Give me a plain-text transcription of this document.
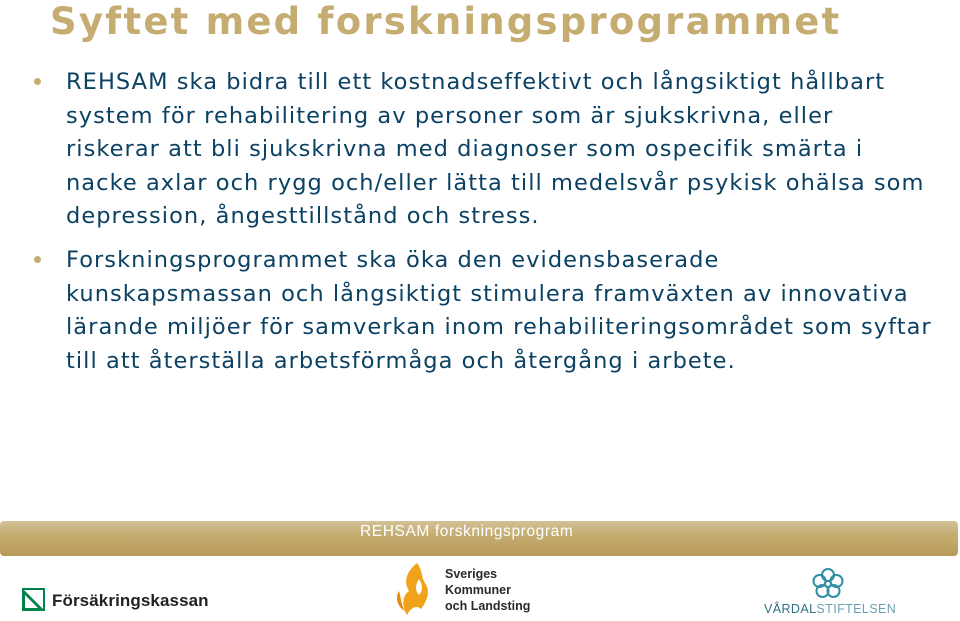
Syftet med forskningsprogrammet
REHSAM ska bidra till ett kostnadseffektivt och långsiktigt hållbart system för rehabilitering av personer som är sjukskrivna, eller riskerar att bli sjukskrivna med diagnoser som ospecifik smärta i nacke axlar och rygg och/eller lätta till medelsvår psykisk ohälsa som depression, ångesttillstånd och stress.
Forskningsprogrammet ska öka den evidensbaserade kunskapsmassan och långsiktigt stimulera framväxten av innovativa lärande miljöer för samverkan inom rehabiliteringsområdet som syftar till att återställa arbetsförmåga och återgång i arbete.
REHSAM forskningsprogram
Försäkringskassan
Sveriges
Kommuner
och Landsting	VÅRDALSTIFTELSEN
